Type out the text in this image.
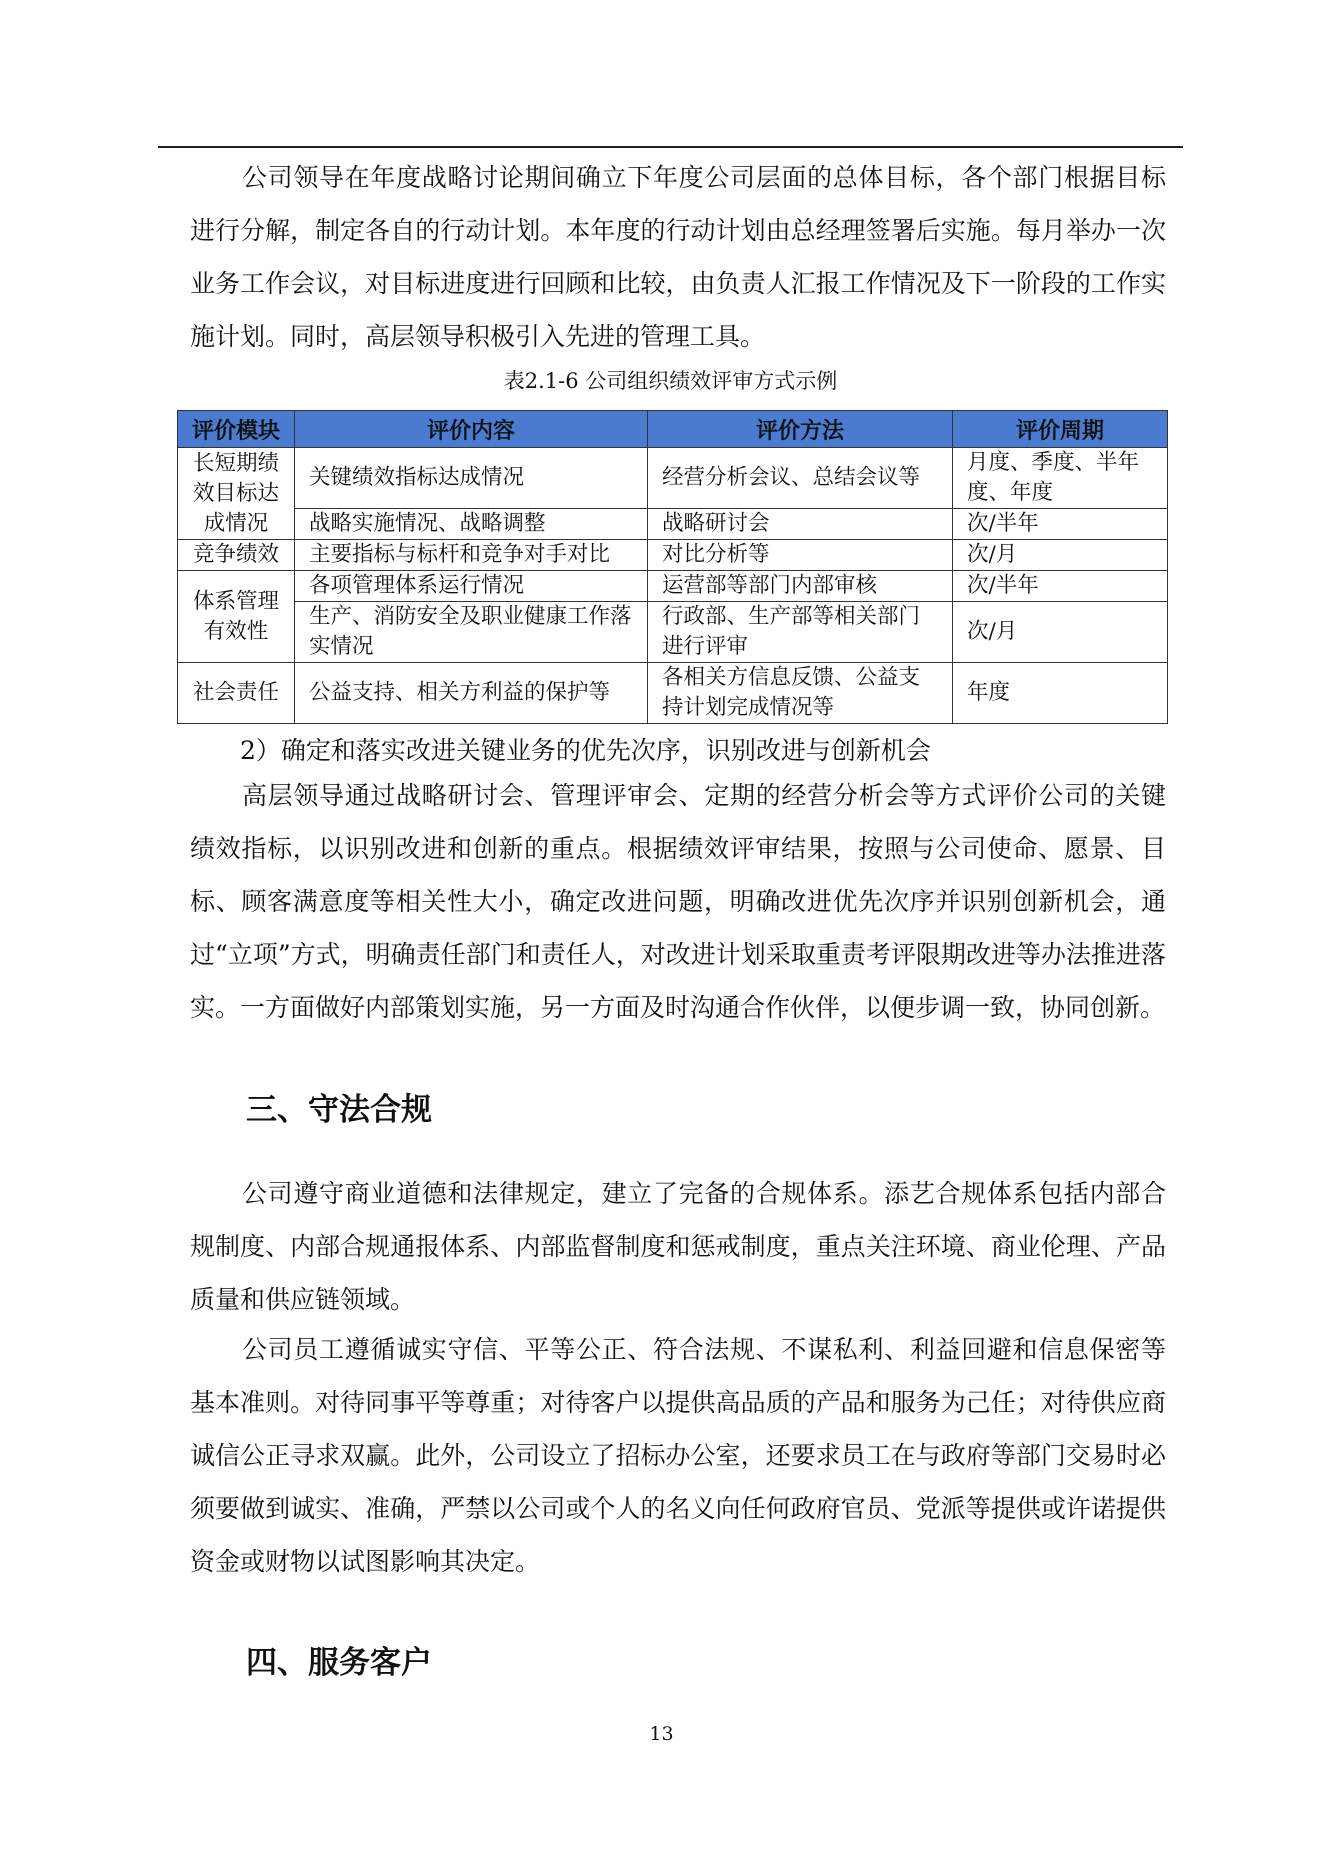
公司领导在年度战略讨论期间确立下年度公司层面的总体目标，各个部门根据目标进行分解，制定各自的行动计划。本年度的行动计划由总经理签署后实施。每月举办一次业务工作会议，对目标进度进行回顾和比较，由负责人汇报工作情况及下一阶段的工作实施计划。同时，高层领导积极引入先进的管理工具。

表2.1-6 公司组织绩效评审方式示例
评价模块	评价内容	评价方法	评价周期
长短期绩效目标达成情况	关键绩效指标达成情况	经营分析会议、总结会议等	月度、季度、半年度、年度
	战略实施情况、战略调整	战略研讨会	次/半年
竞争绩效	主要指标与标杆和竞争对手对比	对比分析等	次/月
体系管理有效性	各项管理体系运行情况	运营部等部门内部审核	次/半年
	生产、消防安全及职业健康工作落实情况	行政部、生产部等相关部门进行评审	次/月
社会责任	公益支持、相关方利益的保护等	各相关方信息反馈、公益支持计划完成情况等	年度
2）确定和落实改进关键业务的优先次序，识别改进与创新机会

高层领导通过战略研讨会、管理评审会、定期的经营分析会等方式评价公司的关键绩效指标，以识别改进和创新的重点。根据绩效评审结果，按照与公司使命、愿景、目标、顾客满意度等相关性大小，确定改进问题，明确改进优先次序并识别创新机会，通过“立项”方式，明确责任部门和责任人，对改进计划采取重责考评限期改进等办法推进落实。一方面做好内部策划实施，另一方面及时沟通合作伙伴，以便步调一致，协同创新。

三、守法合规

公司遵守商业道德和法律规定，建立了完备的合规体系。添艺合规体系包括内部合规制度、内部合规通报体系、内部监督制度和惩戒制度，重点关注环境、商业伦理、产品质量和供应链领域。

公司员工遵循诚实守信、平等公正、符合法规、不谋私利、利益回避和信息保密等基本准则。对待同事平等尊重；对待客户以提供高品质的产品和服务为己任；对待供应商诚信公正寻求双赢。此外，公司设立了招标办公室，还要求员工在与政府等部门交易时必须要做到诚实、准确，严禁以公司或个人的名义向任何政府官员、党派等提供或许诺提供资金或财物以试图影响其决定。

四、服务客户
13
